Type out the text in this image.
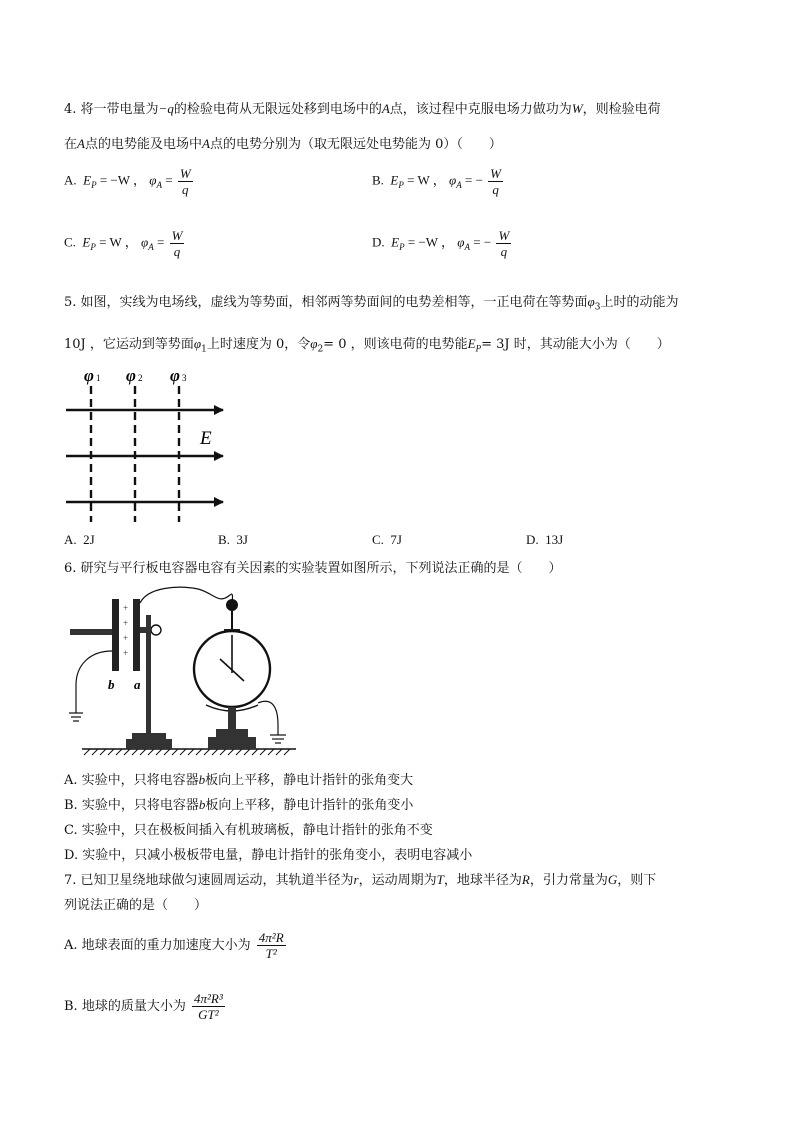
4. 将一带电量为−q的检验电荷从无限远处移到电场中的A点，该过程中克服电场力做功为W，则检验电荷
在A点的电势能及电场中A点的电势分别为（取无限远处电势能为 0）（　　）
A. $E_P = -W$ ， $\varphi_A = \frac{W}{q}$	B. $E_P = W$ ， $\varphi_A$ = − $\frac{W}{q}$
C. $E_P = W$ ， $\varphi_A = \frac{W}{q}$	D. $E_P = -W$ ， $\varphi_A$ = − $\frac{W}{q}$
5. 如图，实线为电场线，虚线为等势面，相邻两等势面间的电势差相等，一正电荷在等势面$\varphi_3$上时的动能为
10J ，它运动到等势面$\varphi_1$上时速度为 0，令$\varphi_2= 0$ ，则该电荷的电势能$E_P= 3J$ 时，其动能大小为（　　）
φ 1 φ 2 φ 3
E
A. 2J	B. 3J	C. 7J	D. 13J
6. 研究与平行板电容器电容有关因素的实验装置如图所示，下列说法正确的是（　　）
+
+
+
+
b a
A. 实验中，只将电容器b板向上平移，静电计指针的张角变大
B. 实验中，只将电容器b板向上平移，静电计指针的张角变小
C. 实验中，只在极板间插入有机玻璃板，静电计指针的张角不变
D. 实验中，只减小极板带电量，静电计指针的张角变小，表明电容减小
7. 已知卫星绕地球做匀速圆周运动，其轨道半径为r，运动周期为T，地球半径为R，引力常量为G，则下
列说法正确的是（　　）
A. 地球表面的重力加速度大小为 $\frac{\text{4π²R}}{\text{T²}}$
B. 地球的质量大小为 $\frac{\text{4π²R³}}{\text{GT²}}$
